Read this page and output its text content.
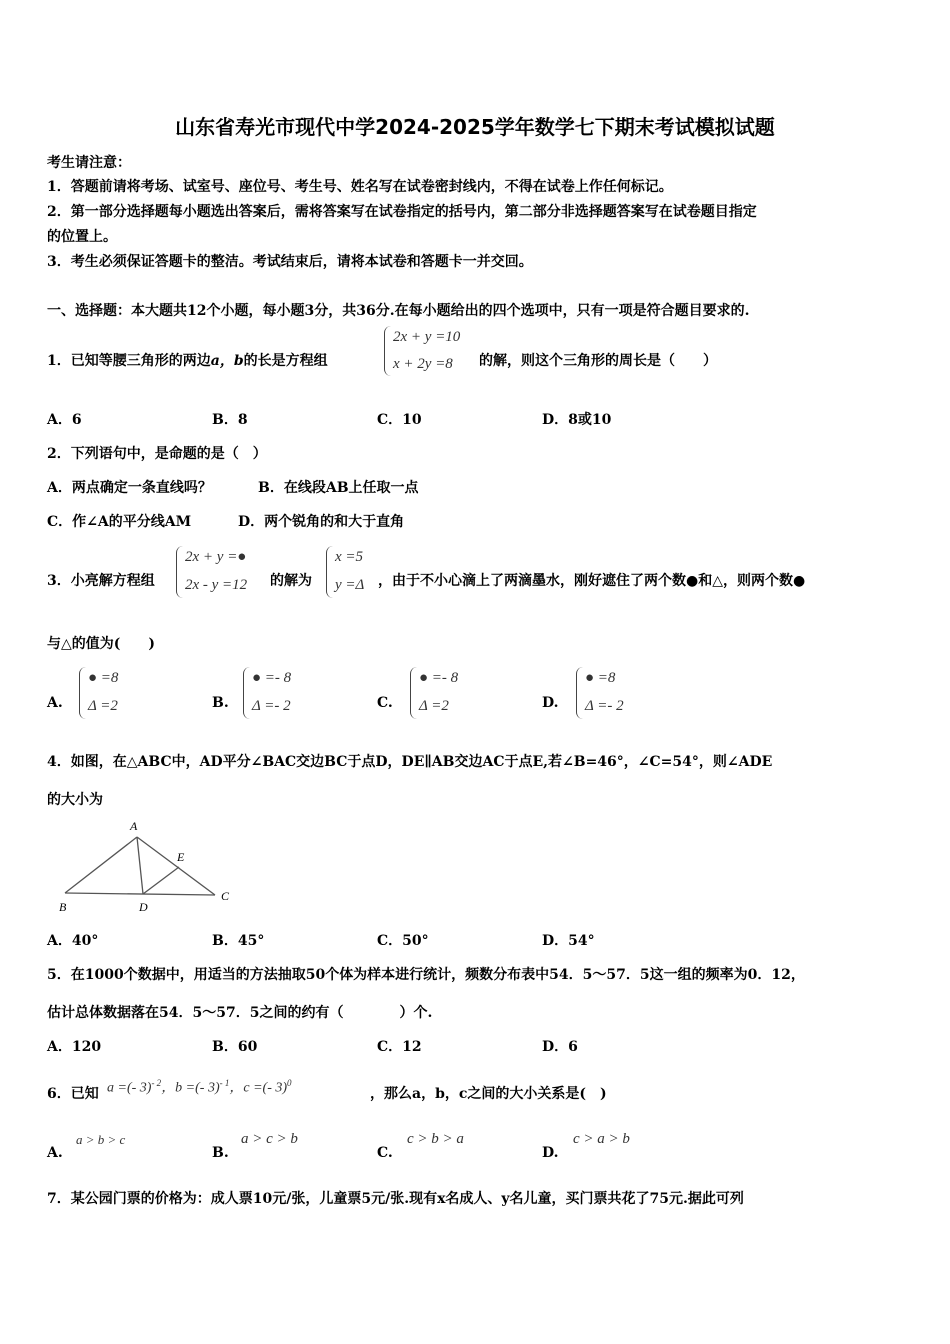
山东省寿光市现代中学2024-2025学年数学七下期末考试模拟试题
考生请注意：
1．答题前请将考场、试室号、座位号、考生号、姓名写在试卷密封线内，不得在试卷上作任何标记。
2．第一部分选择题每小题选出答案后，需将答案写在试卷指定的括号内，第二部分非选择题答案写在试卷题目指定
的位置上。
3．考生必须保证答题卡的整洁。考试结束后，请将本试卷和答题卡一并交回。
一、选择题：本大题共12个小题，每小题3分，共36分.在每小题给出的四个选项中，只有一项是符合题目要求的.
1．已知等腰三角形的两边a，b的长是方程组
2x + y =10
x + 2y =8 的解，则这个三角形的周长是（　　）
A．6	B．8	C．10	D．8或10
2．下列语句中，是命题的是（　）
A．两点确定一条直线吗？	B．在线段AB上任取一点
C．作∠A的平分线AM	D．两个锐角的和大于直角
3．小亮解方程组
2x + y =●
2x - y =12 的解为
x =5
y =Δ ，由于不小心滴上了两滴墨水，刚好遮住了两个数●和△，则两个数●
与△的值为(　　)
A.
● =8
Δ =2	B.
● =- 8
Δ =- 2	C.
● =- 8
Δ =2	D.
● =8
Δ =- 2
4．如图，在△ABC中，AD平分∠BAC交边BC于点D，DE∥AB交边AC于点E,若∠B=46°，∠C=54°，则∠ADE
的大小为
A
B
C
D
E
A．40°	B．45°	C．50°	D．54°
5．在1000个数据中，用适当的方法抽取50个体为样本进行统计，频数分布表中54．5～57．5这一组的频率为0．12，
估计总体数据落在54．5～57．5之间的约有（　　　　）个.
A．120	B．60	C．12	D．6
6．已知 a =(- 3)$^{- 2}$，b =(- 3)$^{- 1}$，c =(- 3)$^0$
，那么a，b，c之间的大小关系是(　)
A.
a > b > c
B.
a > c > b
C.
c > b > a
D.
c > a > b
7．某公园门票的价格为：成人票10元/张，儿童票5元/张.现有x名成人、y名儿童，买门票共花了75元.据此可列
